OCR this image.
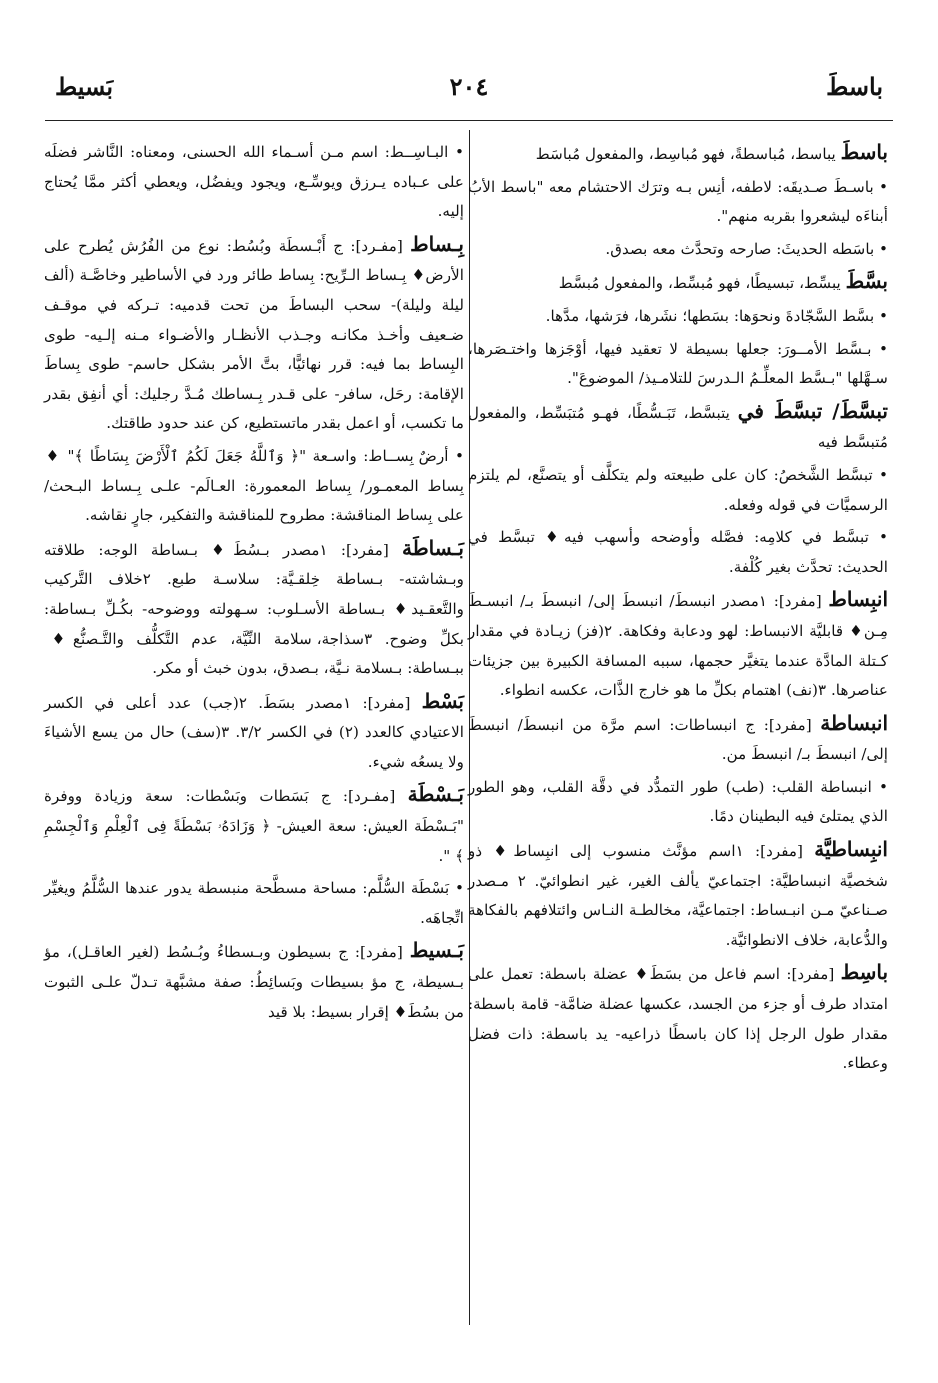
باسطَ
٢٠٤
بَسيط
باسطَ يباسط، مُباسطةً، فهو مُباسِط، والمفعول مُباسَط
• باسـطَ صـديقَه: لاطفه، أنِس بـه وترَك الاحتشام معه "باسط الأبُ أبناءَه ليشعروا بقربه منهم".
• باسَطه الحديثَ: صارحه وتحدَّث معه بصدق.
بسَّطَ يبسِّط، تبسيطًا، فهو مُبسِّط، والمفعول مُبسَّط
• بسَّط السَّجّادةَ ونحوَها: بسَطها؛ نشَرها، فرَشها، مدَّها.
• بـسَّط الأمــورَ: جعلها بسيطة لا تعقيد فيها، أوْجَزها واختـصَرها، سـهَّلها "بـسَّط المعلِّـمُ الـدرسَ للتلامـيذ/ الموضوعَ".
تبسَّطَ/ تبسَّطَ في يتبسَّط، تَبَـسُّطًا، فهـو مُتبَسِّط، والمفعول مُتبسَّط فيه
• تبسَّط الشَّخصُ: كان على طبيعته ولم يتكلَّف أو يتصنَّع، لم يلتزم الرسميَّات في قوله وفعله.
• تبسَّط في كلامِه: فصَّله وأوضحه وأسهب فيه♦ تبسَّط في الحديث: تحدَّث بغير كُلْفة.
انبِساط [مفرد]: ١مصدر انبسطَ/ انبسطَ إلى/ انبسطَ بـ/ انبسـطَ مِـن♦ قابليَّة الانبساط: لهو ودعابة وفكاهة. ٢(فز) زيـادة في مقدار كـتلة المادَّة عندما يتغيَّر حجمها، سببه المسافة الكبيرة بين جزيئات عناصرها. ٣(نف) اهتمام بكلِّ ما هو خارج الذَّات، عكسه انطواء.
انبساطة [مفرد]: ج انبساطات: اسم مرَّة من انبسطَ/ انبسطَ إلى/ انبسطَ بـ/ انبسطَ من.
• انبساطة القلب: (طب) طور التمدُّد في دقَّة القلب، وهو الطور الذي يمتلئ فيه البطينان دمًا.
انبِساطيَّة [مفرد]: ١اسم مؤنَّث منسوب إلى انبِساط♦ ذو شخصيَّة انبساطيَّة: اجتماعيّ يألف الغير، غير انطوائيّ. ٢ مـصدر صـناعيّ مـن انبـساط: اجتماعيَّة، مخالطـة النـاس وائتلافهم بالفكاهة والدُّعابة، خلاف الانطوائيَّة.
باسِط [مفرد]: اسم فاعل من بسَطَ♦ عضلة باسطة: تعمل على امتداد طرف أو جزء من الجسد، عكسها عضلة ضامَّة- قامة باسطة: مقدار طول الرجل إذا كان باسطًا ذراعيه- يد باسطة: ذات فضل وعطاء.
• البـاسِــط: اسم مـن أسـماء الله الحسنى، ومعناه: النَّاشر فضلَه على عـباده يـرزق ويوسِّـع، ويجود ويفضُل، ويعطي أكثر ممَّا يُحتاج إليه.
بِـساط [مفـرد]: ج أَبْـسطَة وبُسُط: نوع من الفُرُش يُطرح على الأرض♦ بِـساط الـرِّيح: بِساط طائر ورد في الأساطير وخاصَّـة (ألف ليلة وليلة)- سحب البساطَ من تحت قدميه: تـركه في موقـف ضـعيف وأخـذ مكانـه وجـذب الأنظـار والأضـواء مـنه إلـيه- طوى البِساط بما فيه: قرر نهائيًّا، بتَّ الأمر بشكل حاسم- طوى بِساطَ الإقامة: رحَل، سافر- على قـدر بِـساطك مُـدَّ رجليك: أي أنفِق بقدر ما تكسب، أو اعمل بقدر ماتستطيع، كن عند حدود طاقتك.
• أرضٌ بِســاط: واسـعة "﴿ وَٱللَّهُ جَعَلَ لَكُمُ ٱلْأَرْضَ بِسَاطًا ﴾" ♦ بِساط المعمـور/ بِساط المعمورة: العـالَم- علـى بِـساط البـحث/ على بِساط المناقشة: مطروح للمناقشة والتفكير، جارٍ نقاشه.
بَـساطَة [مفرد]: ١مصدر بـسُطَ♦ بـساطة الوجه: طلاقته وبـشاشته- بـساطة خِلقـيَّة: سلاسـة طبع. ٢خلاف التَّركيب والتَّعقـيد♦ بـساطة الأسـلوب: سـهولته ووضوحه- بكُـلِّ بـساطة: بكلِّ وضوح. ٣سذاجة، سلامة النِّيَّة، عدم التَّكلُّف والتَّـصنُّع♦ ببـساطة: بـسلامة نـيَّة، بـصدق، بدون خبث أو مكر.
بَسْط [مفرد]: ١مصدر بسَطَ. ٢(جب) عدد أعلى في الكسر الاعتيادي كالعدد (٢) في الكسر ٣/٢. ٣(سف) حال من يسع الأشياءَ ولا يسعُه شيء.
بَـسْطَة [مفـرد]: ج بَسَطات وبَسْطات: سعة وزيادة ووفرة "بَـسْطَة العيش: سعة العيش- ﴿ وَزَادَهُۥ بَسْطَةً فِى ٱلْعِلْمِ وَٱلْجِسْمِ ﴾ ".
• بَسْطَة السُّلَّم: مساحة مسطَّحة منبسطة يدور عندها السُّلَّمُ ويغيِّر اتِّجاهَه.
بَـسيط [مفرد]: ج بسيطون وبـسطاءُ وبُـسُط (لغير العاقـل)، مؤ بـسيطة، ج مؤ بسيطات وبَسائِطُ: صفة مشبَّهة تـدلّ علـى الثبوت من بسُطَ♦ إقرار بسيط: بلا قيد
